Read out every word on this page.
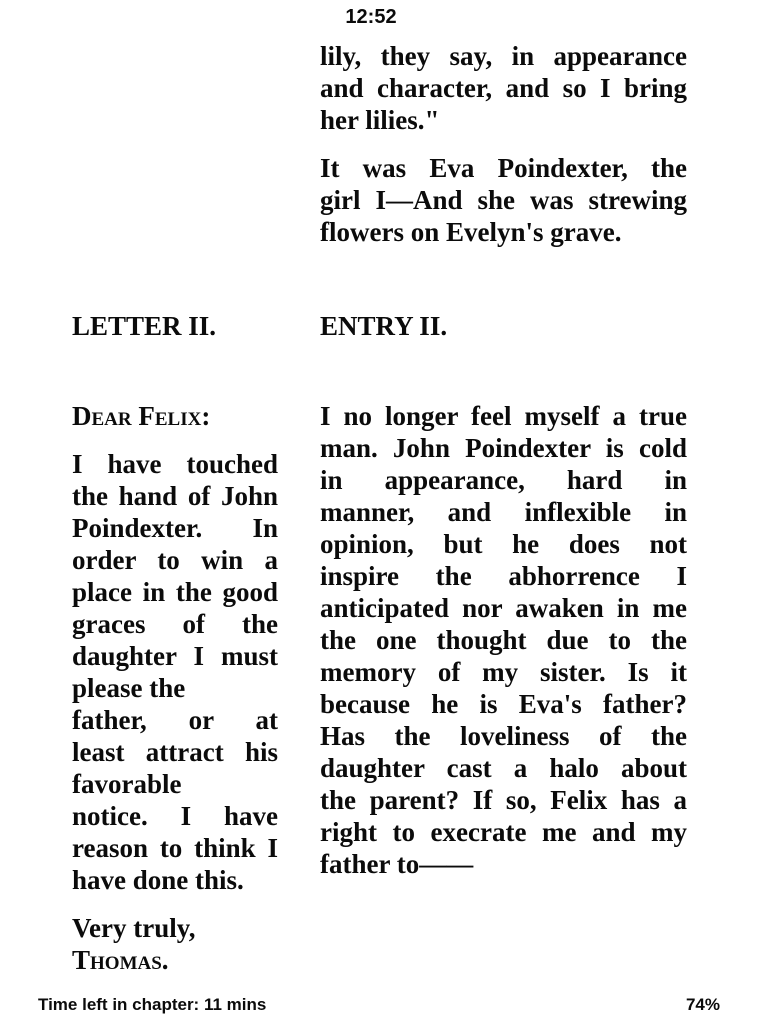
12:52
LETTER II.
Dear Felix:
I have touched
the hand of John
Poindexter. In
order to win a
place in the good
graces of the
daughter I must
please the
father, or at
least attract his
favorable
notice. I have
reason to think I
have done this.
Very truly,
Thomas.
lily, they say, in appearance
and character, and so I bring
her lilies."
It was Eva Poindexter, the
girl I—And she was strewing
flowers on Evelyn's grave.
ENTRY II.
I no longer feel myself a true
man. John Poindexter is cold
in appearance, hard in
manner, and inflexible in
opinion, but he does not
inspire the abhorrence I
anticipated nor awaken in me
the one thought due to the
memory of my sister. Is it
because he is Eva's father?
Has the loveliness of the
daughter cast a halo about
the parent? If so, Felix has a
right to execrate me and my
father to——
Time left in chapter: 11 mins	74%
